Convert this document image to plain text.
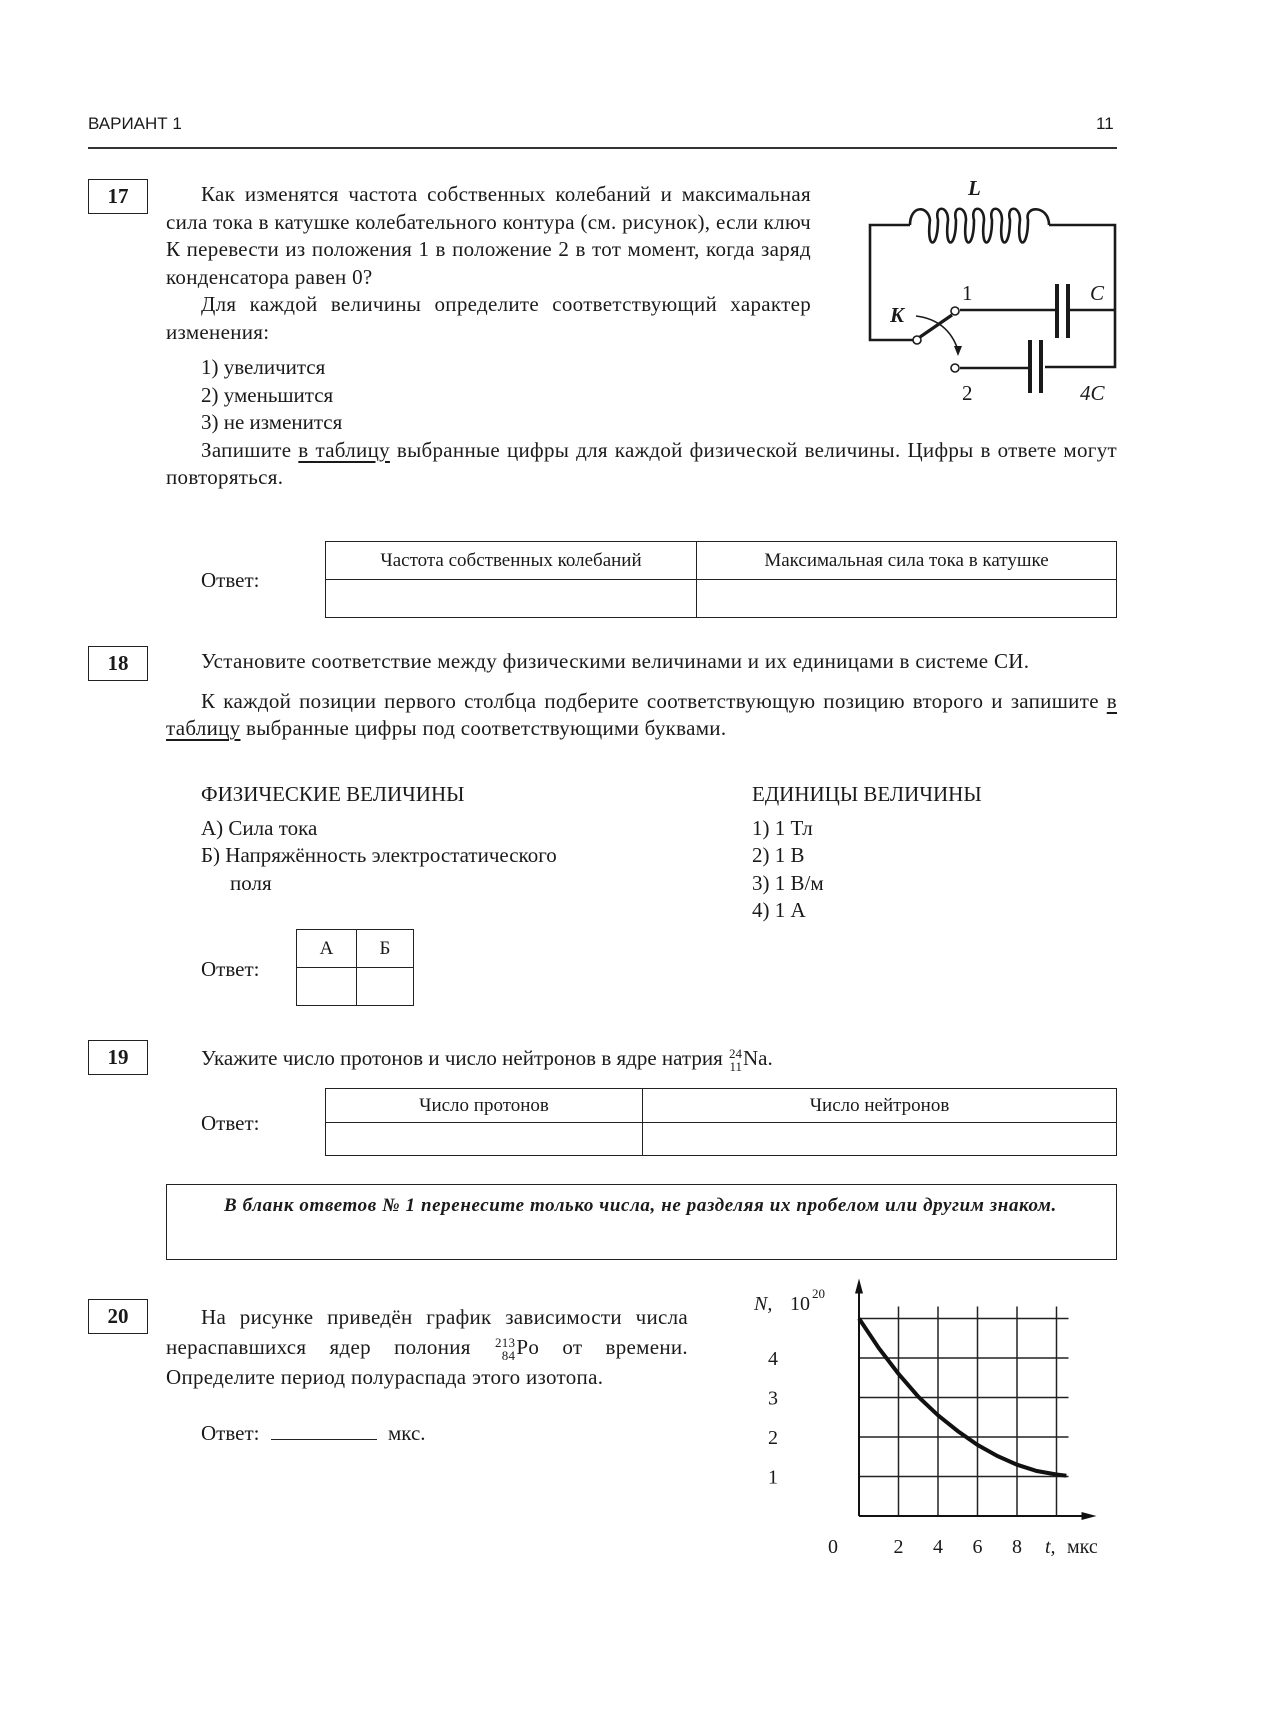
ВАРИАНТ 1	11
17	Как изменятся частота собственных колебаний и максимальная сила тока в катушке колебательного контура (см. рисунок), если ключ К перевести из положения 1 в положение 2 в тот момент, когда заряд конденсатора равен 0?

Для каждой величины определите соответствующий характер изменения:

1) увеличится
2) уменьшится
3) не изменится

Запишите в таблицу выбранные цифры для каждой физической величины. Цифры в ответе могут повторяться.

L
K
1
2
C
4C
Ответ:
Частота собственных колебаний	Максимальная сила тока в катушке

18	Установите соответствие между физическими величинами и их единицами в системе СИ.

К каждой позиции первого столбца подберите соответствующую позицию второго и запишите в таблицу выбранные цифры под соответствующими буквами.

ФИЗИЧЕСКИЕ ВЕЛИЧИНЫ	ЕДИНИЦЫ ВЕЛИЧИНЫ
А) Сила тока
Б) Напряжённость электростатического
поля
1) 1 Тл
2) 1 В
3) 1 В/м
4) 1 А
Ответ:
А	Б

19	Укажите число протонов и число нейтронов в ядре натрия 24
11Na.
Ответ:
Число протонов	Число нейтронов

В бланк ответов № 1 перенесите только числа, не разделяя их пробелом или другим знаком.
20	На рисунке приведён график зависимости числа нераспавшихся ядер полония 213
84Po от времени. Определите период полураспада этого изотопа.

Ответ:	мкс.
2 4 6 8
1
2
3
4
N, 10 20
0	t, мкс
